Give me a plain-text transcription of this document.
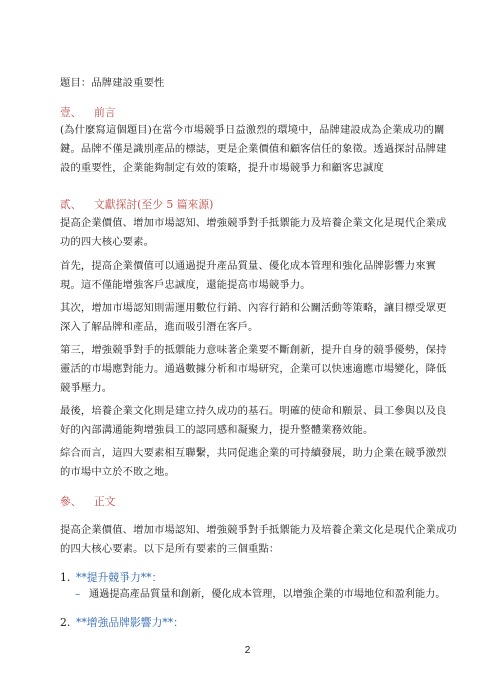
題目：品牌建設重要性
壹、 前言
(為什麼寫這個題目)在當今市場競爭日益激烈的環境中，品牌建設成為企業成功的關
鍵。品牌不僅是識別產品的標誌，更是企業價值和顧客信任的象徵。透過探討品牌建
設的重要性，企業能夠制定有效的策略，提升市場競爭力和顧客忠誠度
貳、 文獻探討(至少 5 篇來源)
提高企業價值、增加市場認知、增強競爭對手抵禦能力及培養企業文化是現代企業成
功的四大核心要素。
首先，提高企業價值可以通過提升產品質量、優化成本管理和強化品牌影響力來實
現。這不僅能增強客戶忠誠度，還能提高市場競爭力。
其次，增加市場認知則需運用數位行銷、內容行銷和公關活動等策略，讓目標受眾更
深入了解品牌和產品，進而吸引潛在客戶。
第三，增強競爭對手的抵禦能力意味著企業要不斷創新，提升自身的競爭優勢，保持
靈活的市場應對能力。通過數據分析和市場研究，企業可以快速適應市場變化，降低
競爭壓力。
最後，培養企業文化則是建立持久成功的基石。明確的使命和願景、員工參與以及良
好的內部溝通能夠增強員工的認同感和凝聚力，提升整體業務效能。
綜合而言，這四大要素相互聯繫，共同促進企業的可持續發展，助力企業在競爭激烈
的市場中立於不敗之地。
參、 正文
提高企業價值、增加市場認知、增強競爭對手抵禦能力及培養企業文化是現代企業成功
的四大核心要素。以下是所有要素的三個重點：
1. **提升競爭力**：
– 通過提高產品質量和創新，優化成本管理，以增強企業的市場地位和盈利能力。
2
2. **增強品牌影響力**：
